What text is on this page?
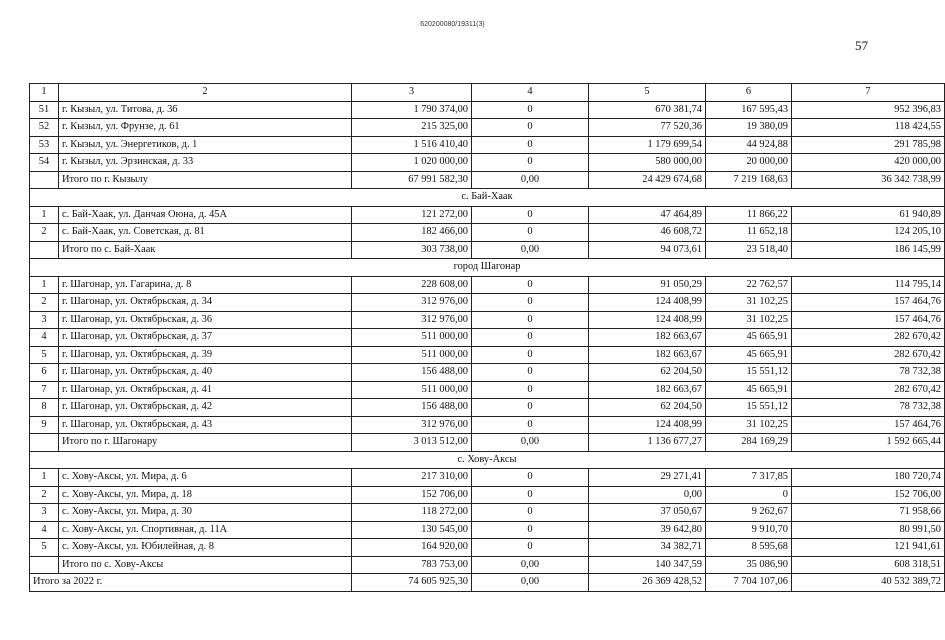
620200080/19311(3)
57
1	2	3	4	5	6	7
51	г. Кызыл, ул. Титова, д. 36	1 790 374,00	0	670 381,74	167 595,43	952 396,83
52	г. Кызыл, ул. Фрунзе, д. 61	215 325,00	0	77 520,36	19 380,09	118 424,55
53	г. Кызыл, ул. Энергетиков, д. 1	1 516 410,40	0	1 179 699,54	44 924,88	291 785,98
54	г. Кызыл, ул. Эрзинская, д. 33	1 020 000,00	0	580 000,00	20 000,00	420 000,00
	Итого по г. Кызылу	67 991 582,30	0,00	24 429 674,68	7 219 168,63	36 342 738,99
с. Бай-Хаак						
1	с. Бай-Хаак, ул. Данчая Оюна, д. 45А	121 272,00	0	47 464,89	11 866,22	61 940,89
2	с. Бай-Хаак, ул. Советская, д. 81	182 466,00	0	46 608,72	11 652,18	124 205,10
	Итого по с. Бай-Хаак	303 738,00	0,00	94 073,61	23 518,40	186 145,99
город Шагонар						
1	г. Шагонар, ул. Гагарина, д. 8	228 608,00	0	91 050,29	22 762,57	114 795,14
2	г. Шагонар, ул. Октябрьская, д. 34	312 976,00	0	124 408,99	31 102,25	157 464,76
3	г. Шагонар, ул. Октябрьская, д. 36	312 976,00	0	124 408,99	31 102,25	157 464,76
4	г. Шагонар, ул. Октябрьская, д. 37	511 000,00	0	182 663,67	45 665,91	282 670,42
5	г. Шагонар, ул. Октябрьская, д. 39	511 000,00	0	182 663,67	45 665,91	282 670,42
6	г. Шагонар, ул. Октябрьская, д. 40	156 488,00	0	62 204,50	15 551,12	78 732,38
7	г. Шагонар, ул. Октябрьская, д. 41	511 000,00	0	182 663,67	45 665,91	282 670,42
8	г. Шагонар, ул. Октябрьская, д. 42	156 488,00	0	62 204,50	15 551,12	78 732,38
9	г. Шагонар, ул. Октябрьская, д. 43	312 976,00	0	124 408,99	31 102,25	157 464,76
	Итого по г. Шагонару	3 013 512,00	0,00	1 136 677,27	284 169,29	1 592 665,44
с. Хову-Аксы						
1	с. Хову-Аксы, ул. Мира, д. 6	217 310,00	0	29 271,41	7 317,85	180 720,74
2	с. Хову-Аксы, ул. Мира, д. 18	152 706,00	0	0,00	0	152 706,00
3	с. Хову-Аксы, ул. Мира, д. 30	118 272,00	0	37 050,67	9 262,67	71 958,66
4	с. Хову-Аксы, ул. Спортивная, д. 11А	130 545,00	0	39 642,80	9 910,70	80 991,50
5	с. Хову-Аксы, ул. Юбилейная, д. 8	164 920,00	0	34 382,71	8 595,68	121 941,61
	Итого по с. Хову-Аксы	783 753,00	0,00	140 347,59	35 086,90	608 318,51
Итого за 2022 г.		74 605 925,30	0,00	26 369 428,52	7 704 107,06	40 532 389,72
